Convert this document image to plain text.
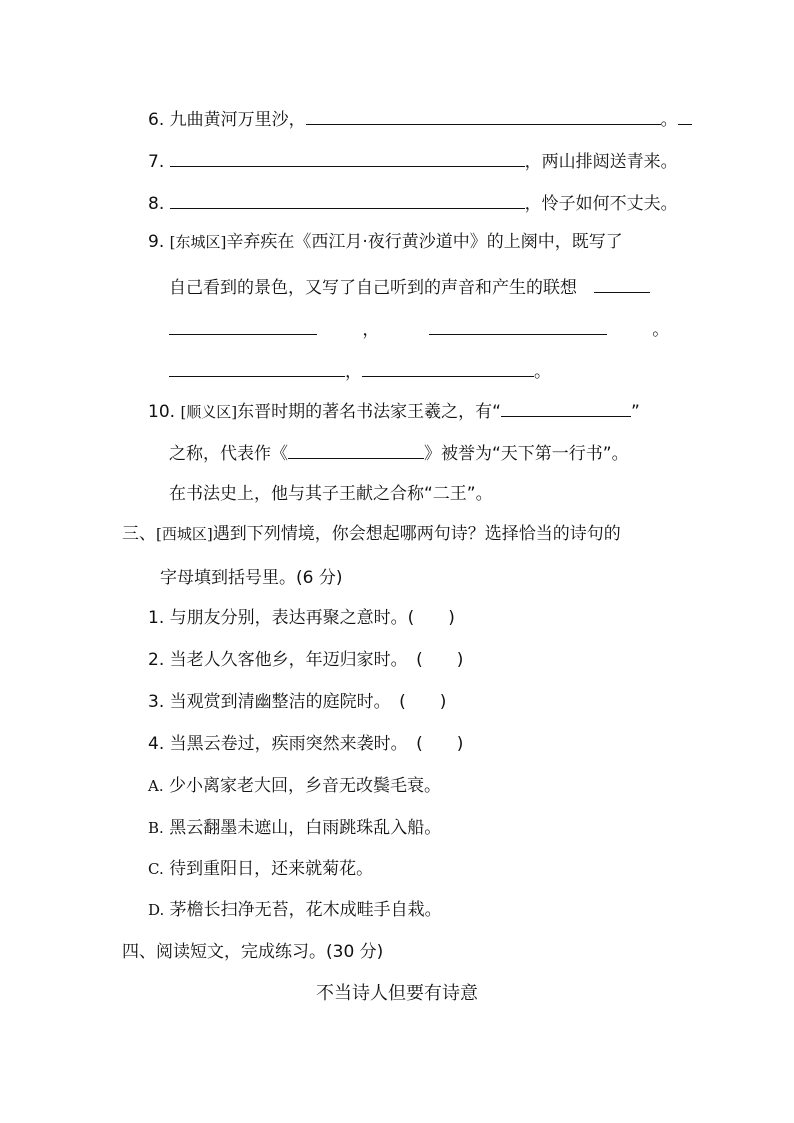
6. 九曲黄河万里沙，	。
7.	，两山排闼送青来。
8.	，怜子如何不丈夫。
9. [东城区]辛弃疾在《西江月·夜行黄沙道中》的上阕中，既写了
自己看到的景色，又写了自己听到的声音和产生的联想
，	。
，	。
10. [顺义区]东晋时期的著名书法家王羲之，有“	”
之称，代表作《	》被誉为“天下第一行书”。
在书法史上，他与其子王献之合称“二王”。
三、[西城区]遇到下列情境，你会想起哪两句诗？选择恰当的诗句的
字母填到括号里。(6 分)
1. 与朋友分别，表达再聚之意时。(　　)
2. 当老人久客他乡，年迈归家时。　(　　)
3. 当观赏到清幽整洁的庭院时。　(　　)
4. 当黑云卷过，疾雨突然来袭时。　(　　)
A. 少小离家老大回，乡音无改鬓毛衰。
B. 黑云翻墨未遮山，白雨跳珠乱入船。
C. 待到重阳日，还来就菊花。
D. 茅檐长扫净无苔，花木成畦手自栽。
四、阅读短文，完成练习。(30 分)
不当诗人但要有诗意
